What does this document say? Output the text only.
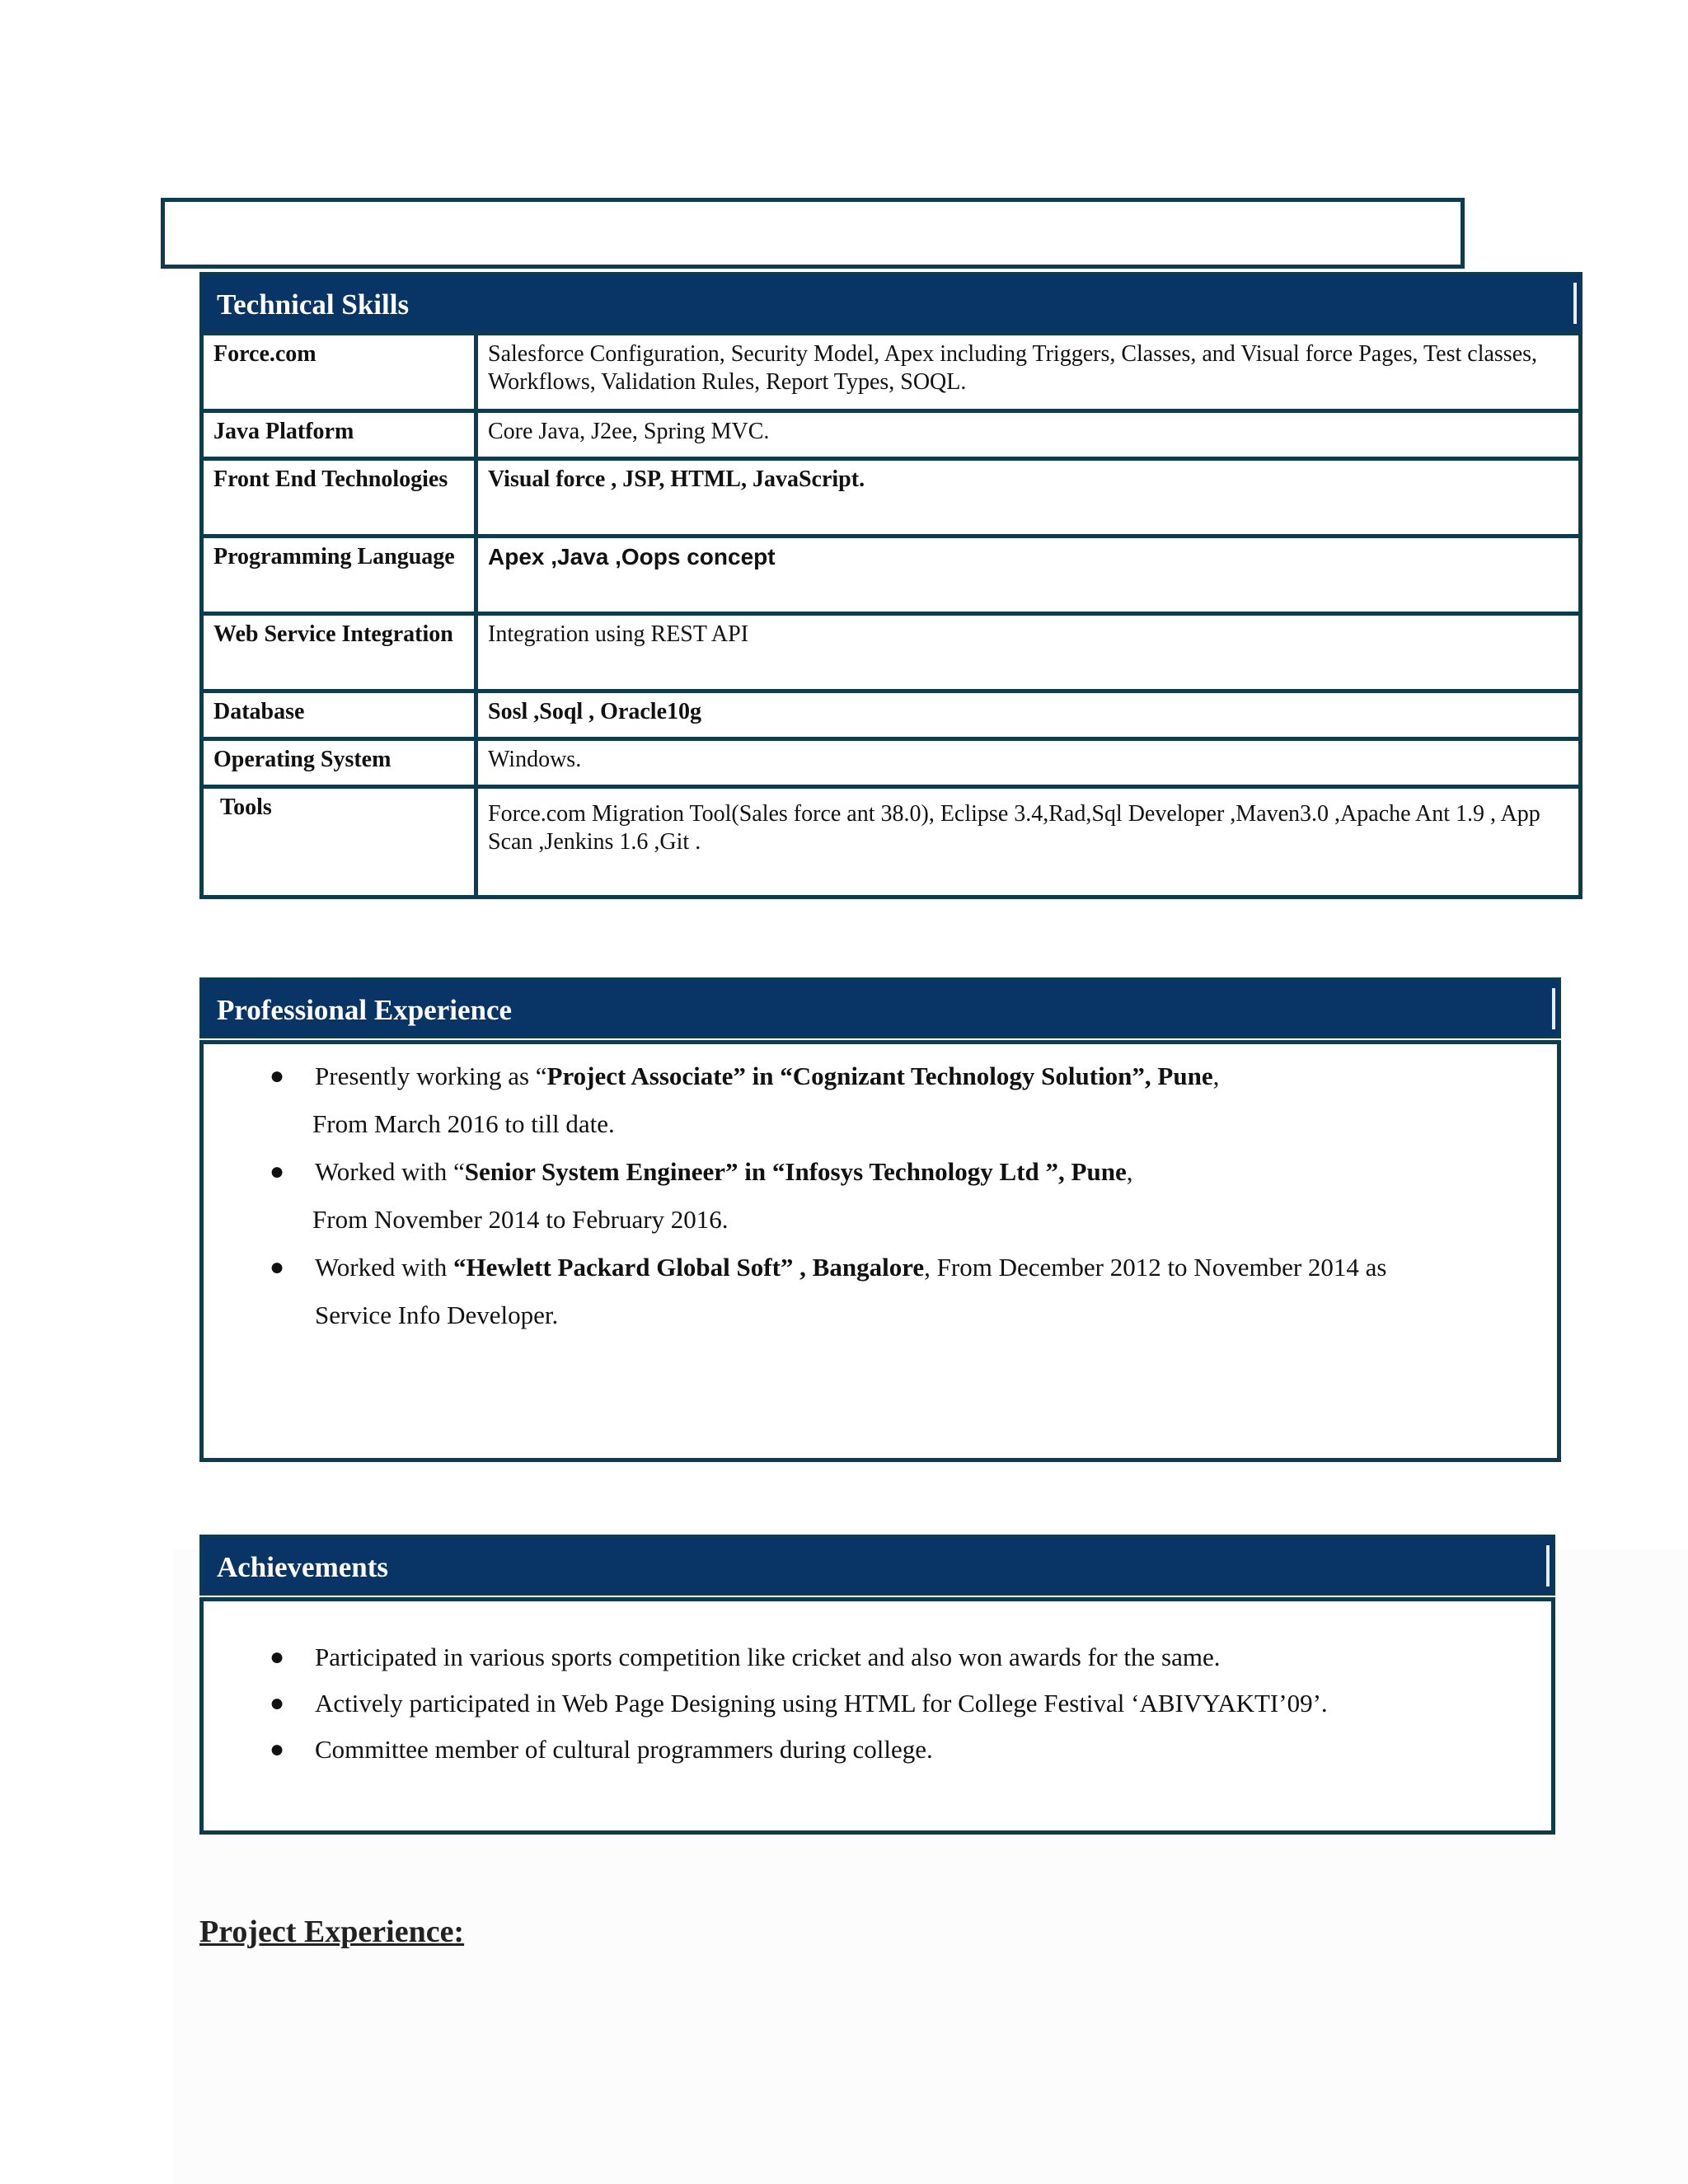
Technical Skills
Force.com	Salesforce Configuration, Security Model, Apex including Triggers, Classes, and Visual force Pages, Test classes, Workflows, Validation Rules, Report Types, SOQL.
Java Platform	Core Java, J2ee, Spring MVC.
Front End Technologies	Visual force , JSP, HTML, JavaScript.
Programming Language	Apex ,Java ,Oops concept
Web Service Integration	Integration using REST API
Database	Sosl ,Soql , Oracle10g
Operating System	Windows.
Tools	Force.com Migration Tool(Sales force ant 38.0), Eclipse 3.4,Rad,Sql Developer ,Maven3.0 ,Apache Ant 1.9 , App Scan ,Jenkins 1.6 ,Git .
Professional Experience
● Presently working as “Project Associate” in “Cognizant Technology Solution”, Pune,
From March 2016 to till date.
● Worked with “Senior System Engineer” in “Infosys Technology Ltd ”, Pune,
From November 2014 to February 2016.
● Worked with “Hewlett Packard Global Soft” , Bangalore, From December 2012 to November 2014 as
Service Info Developer.
Achievements
● Participated in various sports competition like cricket and also won awards for the same.
● Actively participated in Web Page Designing using HTML for College Festival ‘ABIVYAKTI’09’.
● Committee member of cultural programmers during college.
Project Experience:
